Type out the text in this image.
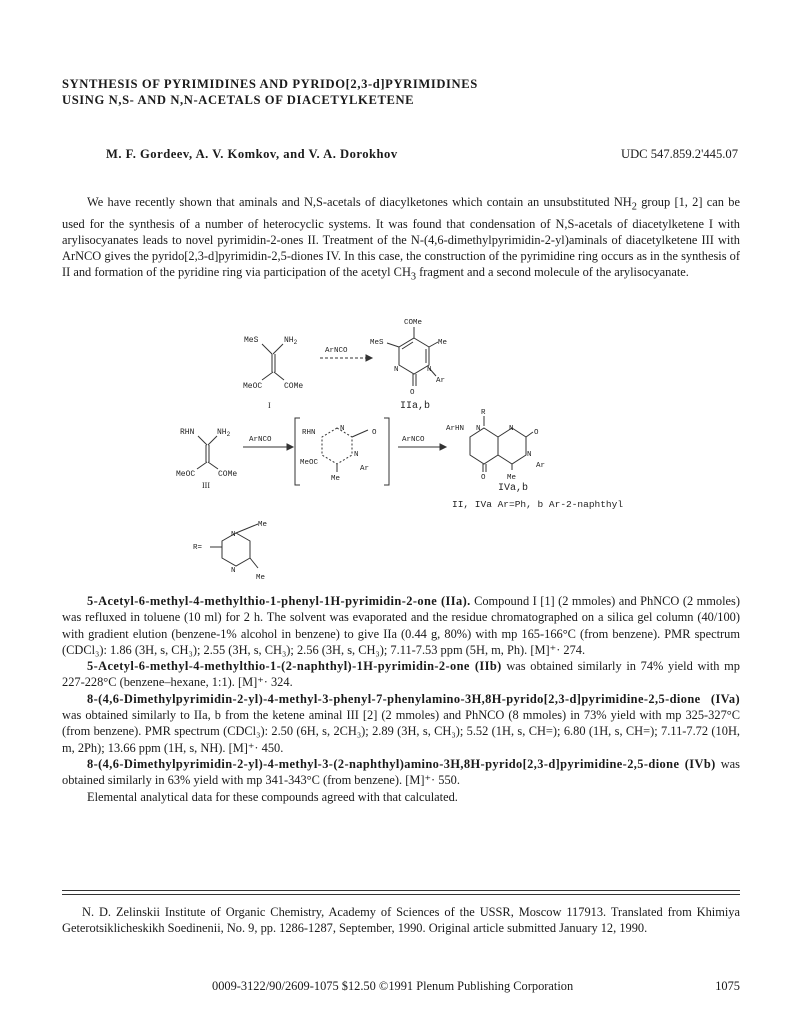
SYNTHESIS OF PYRIMIDINES AND PYRIDO[2,3-d]PYRIMIDINES
USING N,S- AND N,N-ACETALS OF DIACETYLKETENE
M. F. Gordeev, A. V. Komkov, and V. A. Dorokhov	UDC 547.859.2'445.07
We have recently shown that aminals and N,S-acetals of diacylketones which contain an unsubstituted $NH_2$ group [1, 2] can be used for the synthesis of a number of heterocyclic systems. It was found that condensation of N,S-acetals of diacetylketene I with arylisocyanates leads to novel pyrimidin-2-ones II. Treatment of the N-(4,6-dimethylpyrimidin-2-yl)aminals of diacetylketene III with ArNCO gives the pyrido[2,3-d]pyrimidin-2,5-diones IV. In this case, the construction of the pyrimidine ring occurs as in the synthesis of II and formation of the pyridine ring via participation of the acetyl $CH_3$ fragment and a second molecule of the arylisocyanate.
MeS	$NH_2$
MeOC	COMe
I
ArNCO
COMe
MeS	Me
N	N
Ar
O
IIa,b
RHN	$NH_2$
MeOC	COMe
III
ArNCO
RHN	N	O
N
MeOC
Ar
Me
ArNCO
R
ArHN N	N	O
N
Ar
O	Me
IVa,b
II, IVa Ar=Ph, b Ar-2-naphthyl
R=
N
N
Me
Me

5-Acetyl-6-methyl-4-methylthio-1-phenyl-1H-pyrimidin-2-one (IIa). Compound I [1] (2 mmoles) and PhNCO (2 mmoles) was refluxed in toluene (10 ml) for 2 h. The solvent was evaporated and the residue chromatographed on a silica gel column (40/100) with gradient elution (benzene-1% alcohol in benzene) to give IIa (0.44 g, 80%) with mp 165-166°C (from benzene). PMR spectrum (CDCl₃): 1.86 (3H, s, CH₃); 2.55 (3H, s, CH₃); 2.56 (3H, s, CH₃); 7.11-7.53 ppm (5H, m, Ph). [M]⁺· 274.

5-Acetyl-6-methyl-4-methylthio-1-(2-naphthyl)-1H-pyrimidin-2-one (IIb) was obtained similarly in 74% yield with mp 227-228°C (benzene–hexane, 1:1). [M]⁺· 324.

8-(4,6-Dimethylpyrimidin-2-yl)-4-methyl-3-phenyl-7-phenylamino-3H,8H-pyrido[2,3-d]pyrimidine-2,5-dione (IVa) was obtained similarly to IIa, b from the ketene aminal III [2] (2 mmoles) and PhNCO (8 mmoles) in 73% yield with mp 325-327°C (from benzene). PMR spectrum (CDCl₃): 2.50 (6H, s, 2CH₃); 2.89 (3H, s, CH₃); 5.52 (1H, s, CH=); 6.80 (1H, s, CH=); 7.11-7.72 (10H, m, 2Ph); 13.66 ppm (1H, s, NH). [M]⁺· 450.

8-(4,6-Dimethylpyrimidin-2-yl)-4-methyl-3-(2-naphthyl)amino-3H,8H-pyrido[2,3-d]pyrimidine-2,5-dione (IVb) was obtained similarly in 63% yield with mp 341-343°C (from benzene). [M]⁺· 550.

Elemental analytical data for these compounds agreed with that calculated.

N. D. Zelinskii Institute of Organic Chemistry, Academy of Sciences of the USSR, Moscow 117913. Translated from Khimiya Geterotsiklicheskikh Soedinenii, No. 9, pp. 1286-1287, September, 1990. Original article submitted January 12, 1990.
0009-3122/90/2609-1075 $12.50 ©1991 Plenum Publishing Corporation	1075
